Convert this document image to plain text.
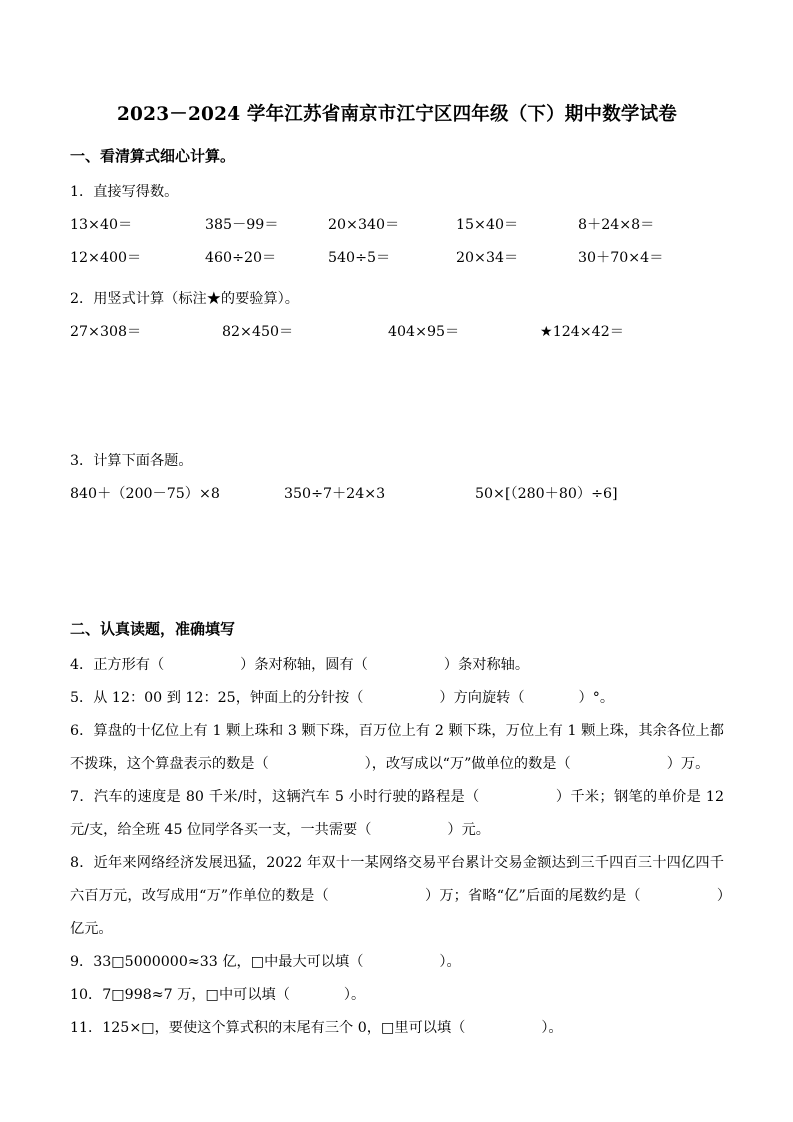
2023－2024 学年江苏省南京市江宁区四年级（下）期中数学试卷
一、看清算式细心计算。
1．直接写得数。
13×40＝	385－99＝	20×340＝	15×40＝	8＋24×8＝
12×400＝	460÷20＝	540÷5＝	20×34＝	30＋70×4＝
2．用竖式计算（标注★的要验算）。
27×308＝	82×450＝	404×95＝	★124×42＝
3．计算下面各题。
840＋（200－75）×8	350÷7＋24×3	50×[（280＋80）÷6]
二、认真读题，准确填写
4．正方形有（	）条对称轴，圆有（	）条对称轴。
5．从 12：00 到 12：25，钟面上的分针按（	）方向旋转（	）°。
6．算盘的十亿位上有 1 颗上珠和 3 颗下珠，百万位上有 2 颗下珠，万位上有 1 颗上珠，其余各位上都不拨珠，这个算盘表示的数是（	），改写成以“万”做单位的数是（	）万。
7．汽车的速度是 80 千米/时，这辆汽车 5 小时行驶的路程是（	）千米；钢笔的单价是 12 元/支，给全班 45 位同学各买一支，一共需要（	）元。
8．近年来网络经济发展迅猛，2022 年双十一某网络交易平台累计交易金额达到三千四百三十四亿四千六百万元，改写成用“万”作单位的数是（	）万；省略“亿”后面的尾数约是（	）亿元。
9．33□5000000≈33 亿，□中最大可以填（	）。
10．7□998≈7 万，□中可以填（	）。
11．125×□，要使这个算式积的末尾有三个 0，□里可以填（	）。
